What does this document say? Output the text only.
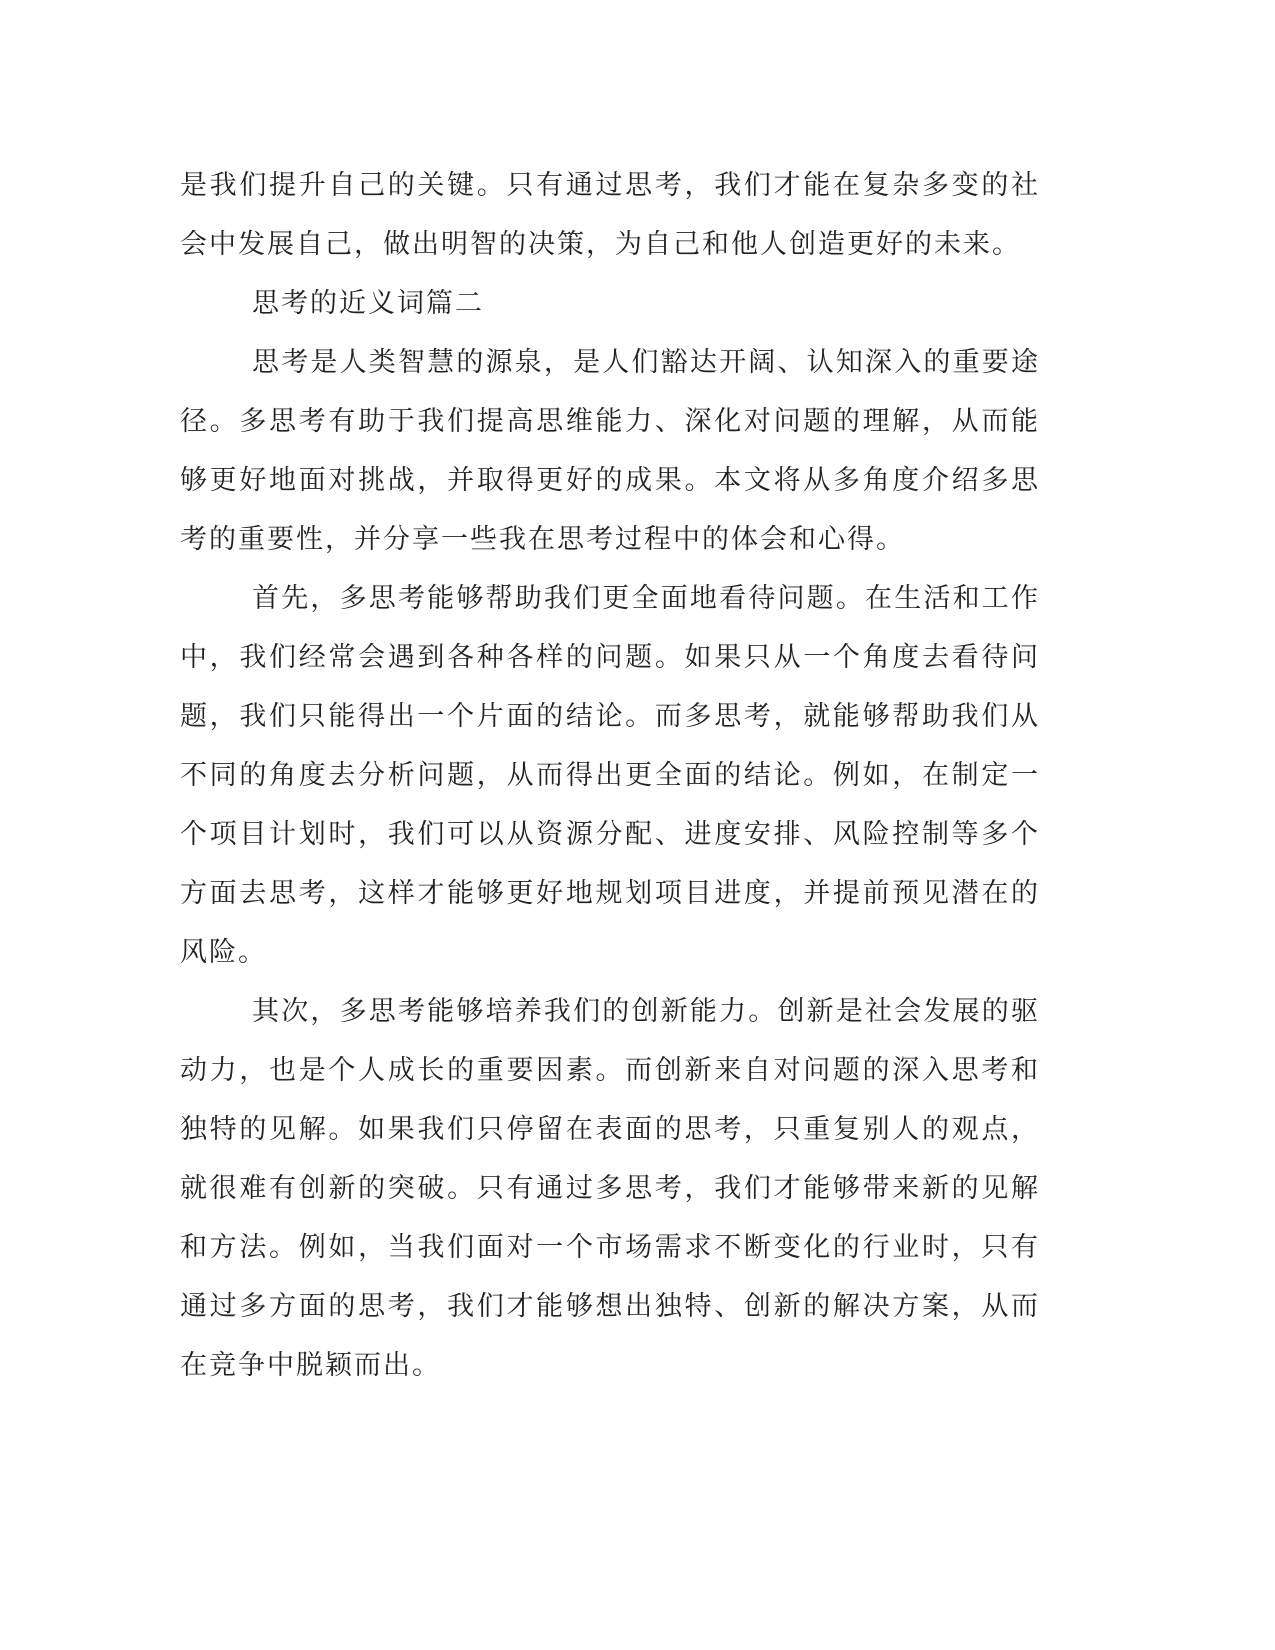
是我们提升自己的关键。只有通过思考，我们才能在复杂多变的社会中发展自己，做出明智的决策，为自己和他人创造更好的未来。

思考的近义词篇二

思考是人类智慧的源泉，是人们豁达开阔、认知深入的重要途径。多思考有助于我们提高思维能力、深化对问题的理解，从而能够更好地面对挑战，并取得更好的成果。本文将从多角度介绍多思考的重要性，并分享一些我在思考过程中的体会和心得。

首先，多思考能够帮助我们更全面地看待问题。在生活和工作中，我们经常会遇到各种各样的问题。如果只从一个角度去看待问题，我们只能得出一个片面的结论。而多思考，就能够帮助我们从不同的角度去分析问题，从而得出更全面的结论。例如，在制定一个项目计划时，我们可以从资源分配、进度安排、风险控制等多个方面去思考，这样才能够更好地规划项目进度，并提前预见潜在的风险。

其次，多思考能够培养我们的创新能力。创新是社会发展的驱动力，也是个人成长的重要因素。而创新来自对问题的深入思考和独特的见解。如果我们只停留在表面的思考，只重复别人的观点，就很难有创新的突破。只有通过多思考，我们才能够带来新的见解和方法。例如，当我们面对一个市场需求不断变化的行业时，只有通过多方面的思考，我们才能够想出独特、创新的解决方案，从而在竞争中脱颖而出。
